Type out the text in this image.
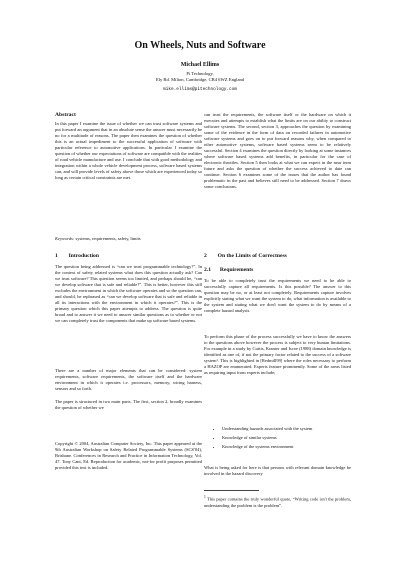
On Wheels, Nuts and Software
Michael Ellims
Pi Technology,
Ely Rd. Milton, Cambridge, CB4 6WZ England
mike.ellims@pitechnology.com

Abstract

In this paper I examine the issue of whether we can trust software systems and put forward an argument that in an absolute sense the answer must necessarily be no for a multitude of reasons. The paper then examines the question of whether this is an actual impediment to the successful application of software with particular reference to automotive applications. In particular I examine the question of whether our expectations of software are compatible with the realities of road vehicle manufacture and use. I conclude that with good methodology and integration within a whole vehicle development process, software based systems can, and will provide levels of safety above those which are experienced today so long as certain critical constraints are met.

Keywords: systems, requirements, safety, limits

1 Introduction

The question being addressed is “can we trust programmable technology?”. In the context of safety related systems what does this question actually ask? Can we trust software? This question seems too limited, and perhaps should be, “can we develop software that is safe and reliable?”. This is better, however this still excludes the environment in which the software operates and so the question can, and should, be rephrased as “can we develop software that is safe and reliable in all its interactions with the environment in which it operates?”. This is the primary question which this paper attempts to address. The question is quite broad and to answer it we need to answer similar questions as to whether or not we can completely trust the components that make up software based systems.

There are a number of major elements that can be considered: system requirements, software requirements, the software itself and the hardware environment in which it operates i.e. processors, memory, wiring harness, sensors and so forth.

The paper is structured in two main parts. The first, section 2, broadly examines the question of whether we

Copyright © 2004, Australian Computer Society, Inc. This paper appeared at the 9th Australian Workshop on Safety Related Programmable Systems (SCS'04), Brisbane. Conferences in Research and Practice in Information Technology, Vol. 47. Tony Cant, Ed. Reproduction for academic, not-for profit purposes permitted provided this text is included.

can trust the requirements, the software itself or the hardware on which it executes and attempts to establish what the limits are on our ability to construct software systems. The second, section 3, approaches the question by examining some of the evidence in the form of data on recorded failures in automotive software systems and goes on to put forward reasons why, when compared to other automotive systems, software based systems seem to be relatively successful. Section 4 examines the question directly by looking at some instances where software based systems add benefits, in particular for the case of electronic throttles. Section 5 then looks at what we can expect in the near term future and asks the question of whether the success achieved to date can continue. Section 6 examines some of the issues that the author has found problematic in the past and believes still need to be addressed. Section 7 draws some conclusions.

2 On the Limits of Correctness

2.1 Requirements

To be able to completely trust the requirements we need to be able to successfully capture all requirements. Is this possible? The answer to this question may be no, or at least not completely. Requirements capture involves explicitly stating what we want the system to do, what information is available to the system and stating what we don't want the system to do by means of a complete hazard analysis.

To perform this phase of the process successfully we have to know the answers to the questions above however the process is subject to very human limitations. For example in a study by Curtis, Kramer and Iscoe (1988) domain knowledge is identified as one of, if not the primary factor related to the success of a software system¹. This is highlighted in [Redmill99] where the roles necessary to perform a HAZOP are enumerated. Experts feature prominently. Some of the areas listed as requiring input from experts include;

• Understanding hazards associated with the system
• Knowledge of similar systems
• Knowledge of the systems environment

What is being asked for here is that persons with relevant domain knowledge be involved in the hazard discovery

$^1$ This paper contains the truly wonderful quote, “Writing code isn't the problem, understanding the problem is the problem”.
